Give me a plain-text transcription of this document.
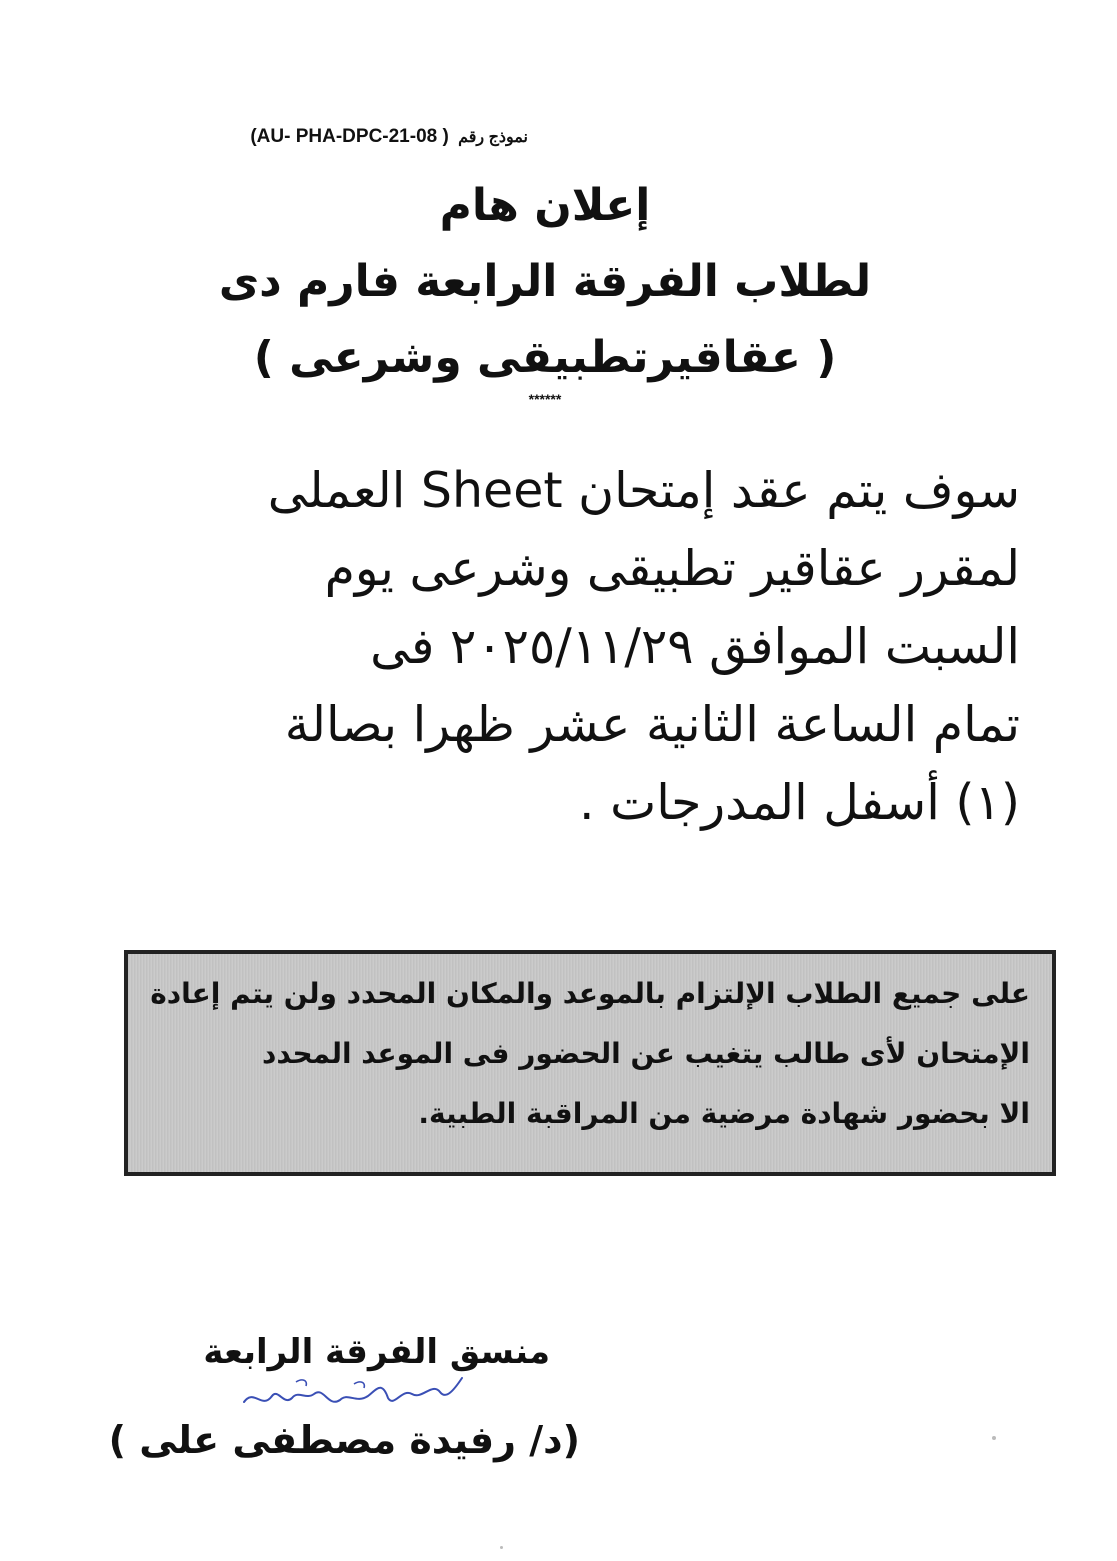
(AU- PHA-DPC-21-08 ) نموذج رقم
إعلان هام
لطلاب الفرقة الرابعة فارم دى
( عقاقيرتطبيقى وشرعى )
******
سوف يتم عقد إمتحان Sheet العملى
لمقرر عقاقير تطبيقى وشرعى يوم
السبت الموافق ٢٠٢٥/١١/٢٩ فى
تمام الساعة الثانية عشر ظهرا بصالة
(١) أسفل المدرجات .
على جميع الطلاب الإلتزام بالموعد والمكان المحدد ولن يتم إعادة
الإمتحان لأى طالب يتغيب عن الحضور فى الموعد المحدد
الا بحضور شهادة مرضية من المراقبة الطبية.
منسق الفرقة الرابعة
(د/ رفيدة مصطفى على )
